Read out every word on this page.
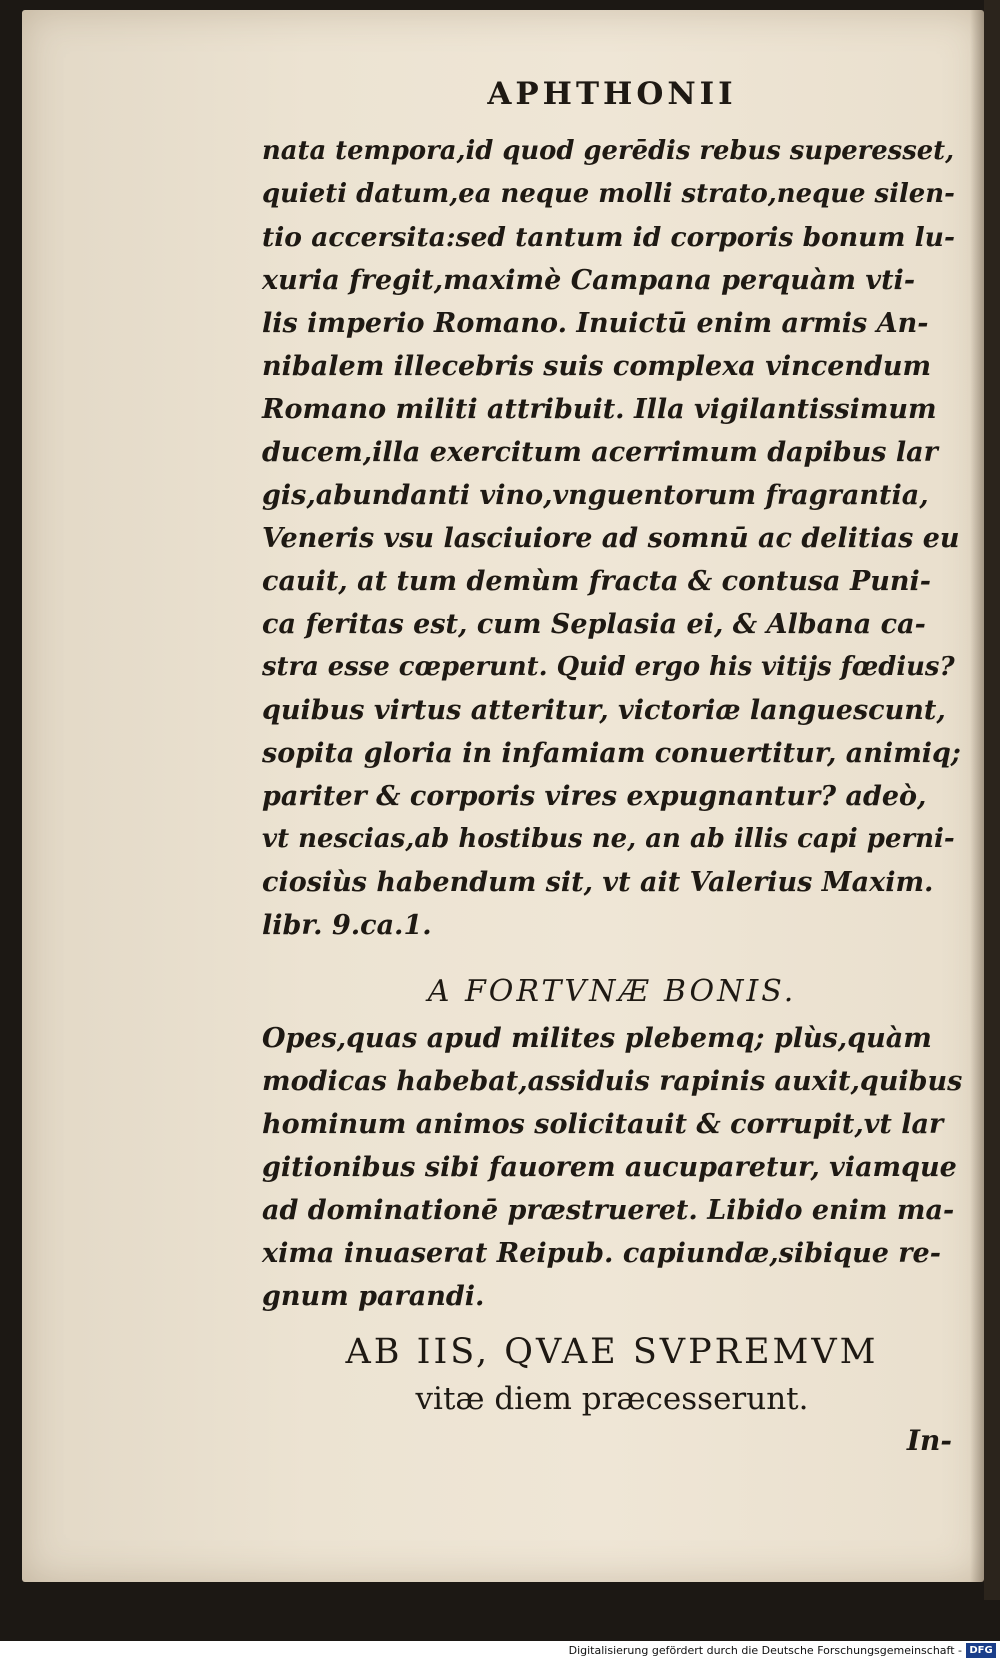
APHTHONII
nata tempora,id quod gerēdis rebus superesset,
quieti datum,ea neque molli strato,neque silen-
tio accersita:sed tantum id corporis bonum lu-
xuria fregit,maximè Campana perquàm vti-
lis imperio Romano. Inuictū enim armis An-
nibalem illecebris suis complexa vincendum
Romano militi attribuit. Illa vigilantissimum
ducem,illa exercitum acerrimum dapibus lar
gis,abundanti vino,vnguentorum fragrantia,
Veneris vsu lasciuiore ad somnū ac delitias eu
cauit, at tum demùm fracta & contusa Puni-
ca feritas est, cum Seplasia ei, & Albana ca-
stra esse cœperunt. Quid ergo his vitijs fœdius?
quibus virtus atteritur, victoriæ languescunt,
sopita gloria in infamiam conuertitur, animiq;
pariter & corporis vires expugnantur? adeò,
vt nescias,ab hostibus ne, an ab illis capi perni-
ciosiùs habendum sit, vt ait Valerius Maxim.
libr. 9.ca.1.
A FORTVNÆ BONIS.
Opes,quas apud milites plebemq; plùs,quàm
modicas habebat,assiduis rapinis auxit,quibus
hominum animos solicitauit & corrupit,vt lar
gitionibus sibi fauorem aucuparetur, viamque
ad dominationē præstrueret. Libido enim ma-
xima inuaserat Reipub. capiundæ,sibique re-
gnum parandi.
AB IIS, QVAE SVPREMVM
vitæ diem præcesserunt.

In-

Digitalisierung gefördert durch die Deutsche Forschungsgemeinschaft - DFG
